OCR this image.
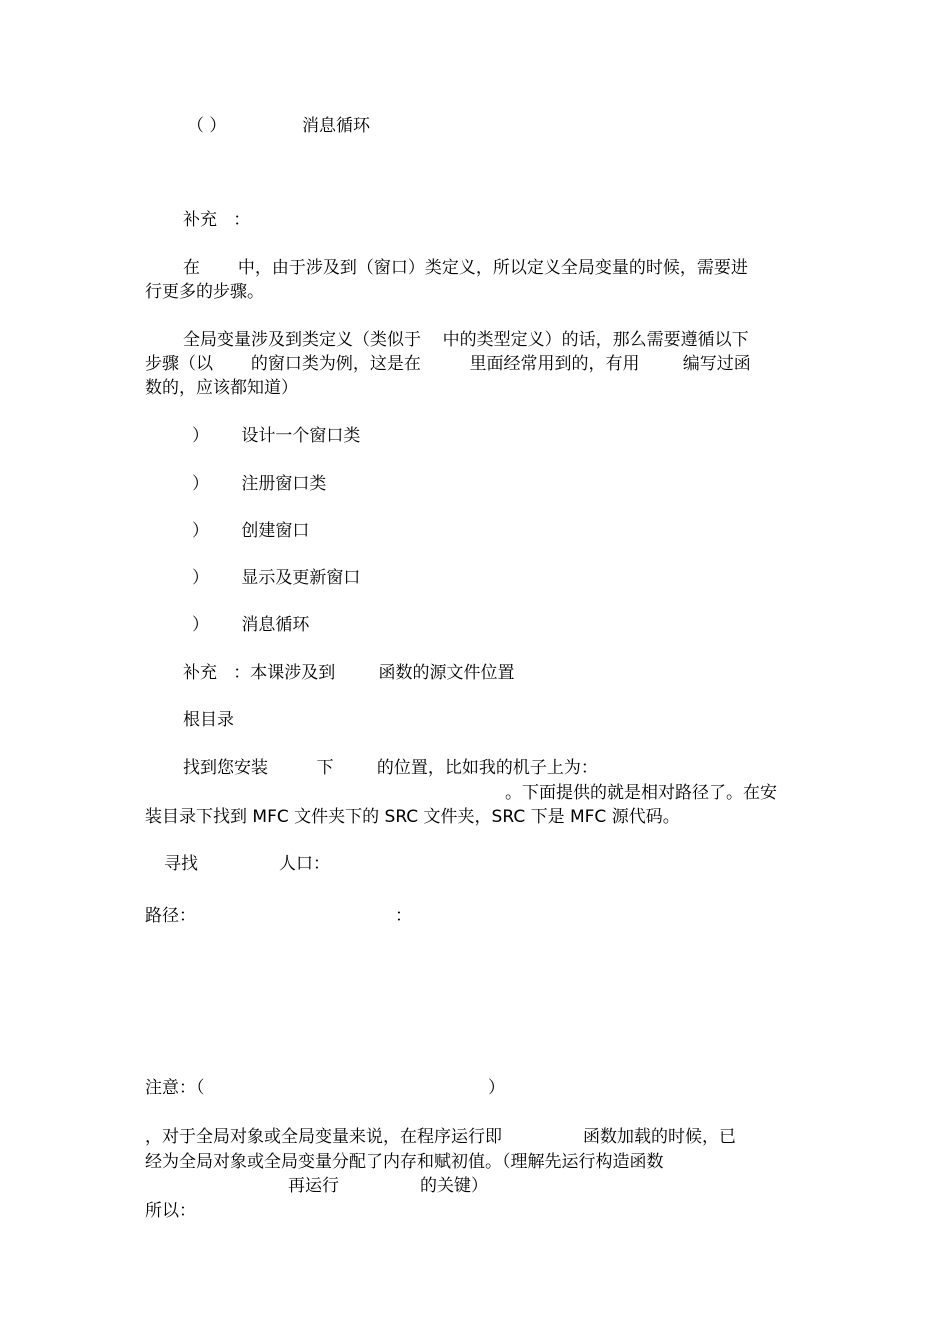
（ ）              消息循环
补充   ：
在       中，由于涉及到（窗口）类定义，所以定义全局变量的时候，需要进
行更多的步骤。
全局变量涉及到类定义（类似于    中的类型定义）的话，那么需要遵循以下
步骤（以       的窗口类为例，这是在         里面经常用到的，有用        编写过函
数的，应该都知道）
）      设计一个窗口类
）      注册窗口类
）      创建窗口
）      显示及更新窗口
）      消息循环
补充   ：本课涉及到        函数的源文件位置
根目录
找到您安装         下        的位置，比如我的机子上为：
。下面提供的就是相对路径了。在安
装目录下找到 MFC 文件夹下的 SRC 文件夹，SRC 下是 MFC 源代码。
寻找               人口：
路径：	：
注意：（	）
，对于全局对象或全局变量来说，在程序运行即               函数加载的时候，已
经为全局对象或全局变量分配了内存和赋初值。（理解先运行构造函数
再运行               的关键）
所以：
